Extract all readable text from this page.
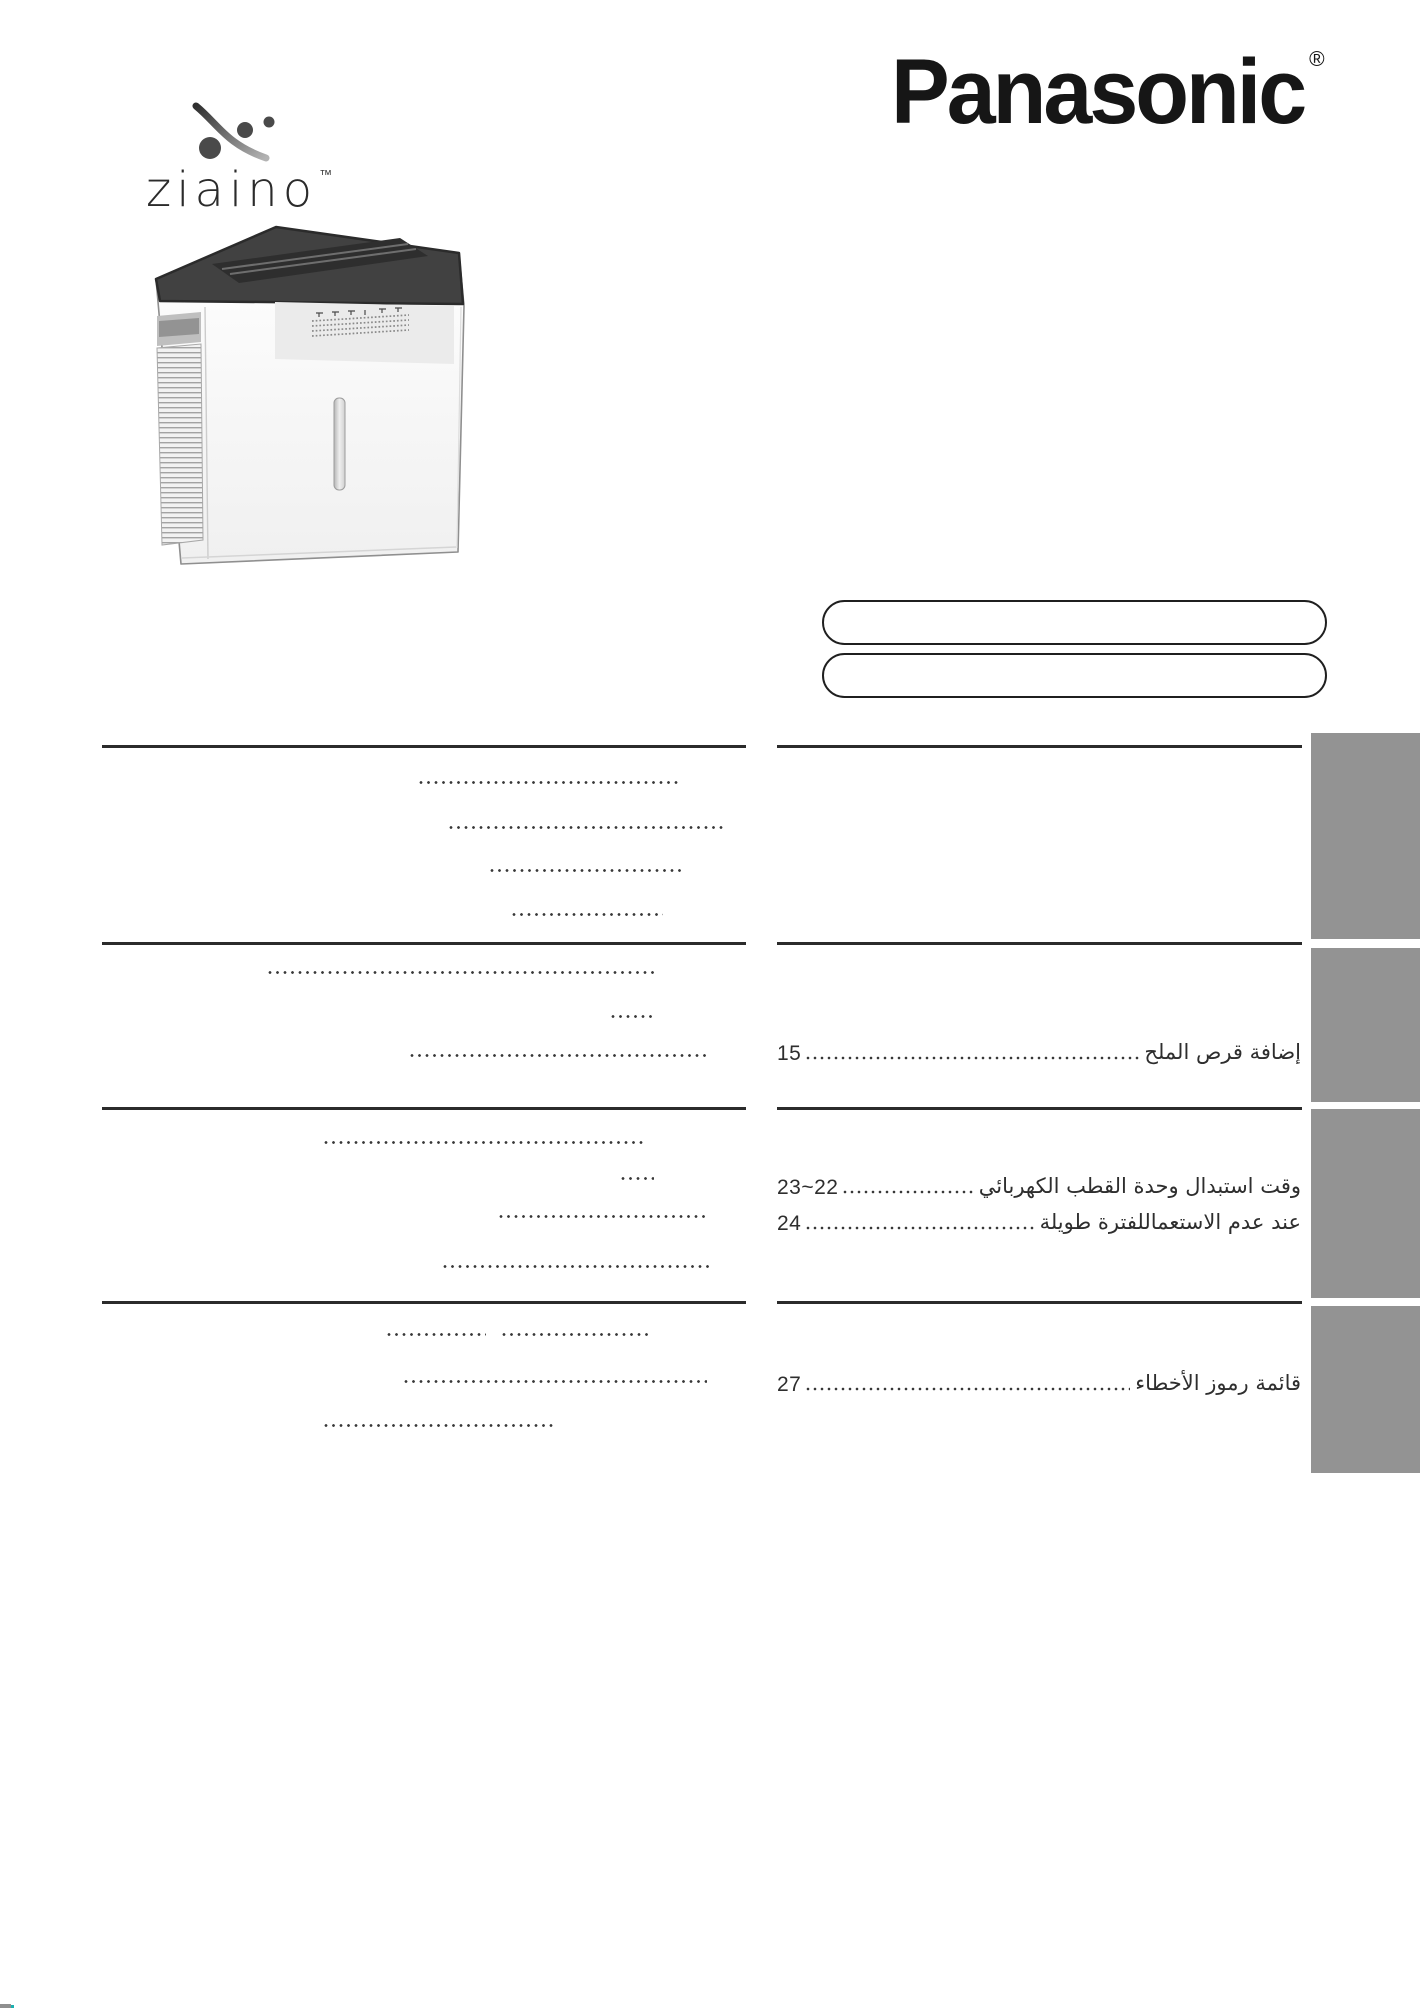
Panasonic ®
ziaino ™
إضافة قرص الملح
15
وقت استبدال وحدة القطب الكهربائي
23~22
عند عدم الاستعماللفترة طويلة
24
قائمة رموز الأخطاء
27
